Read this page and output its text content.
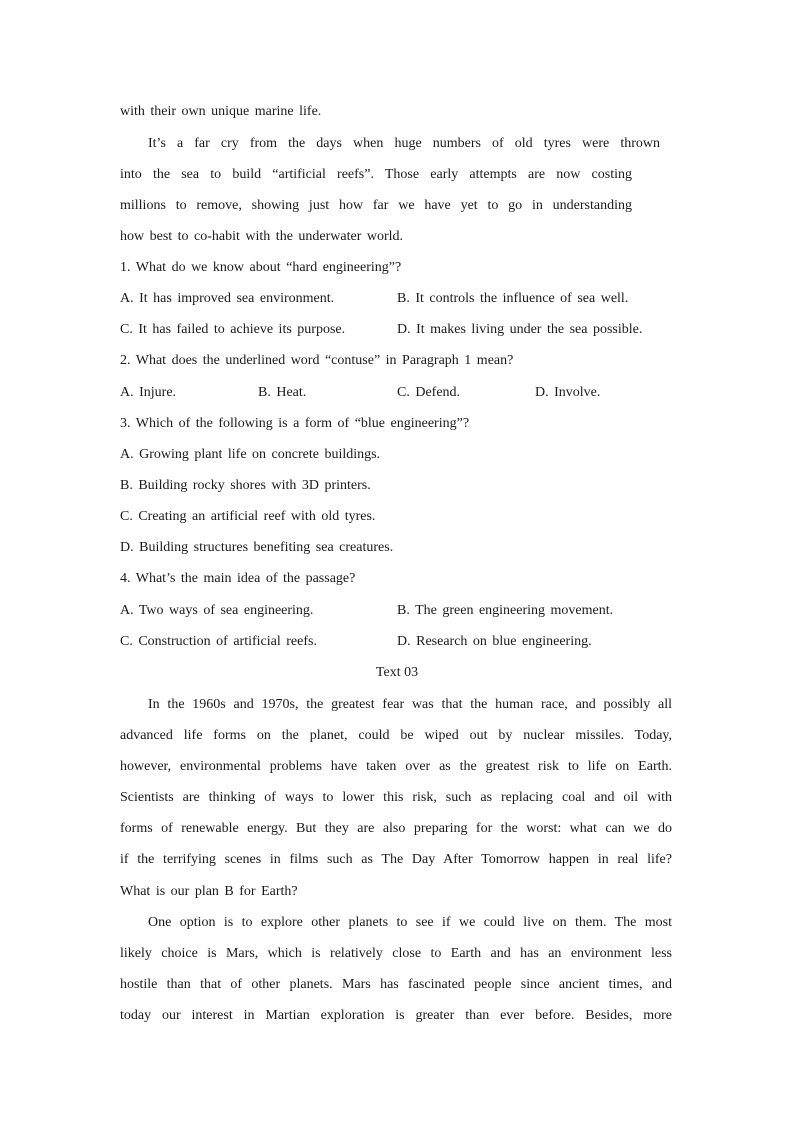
with their own unique marine life.
It’s a far cry from the days when huge numbers of old tyres were thrown
into the sea to build “artificial reefs”. Those early attempts are now costing
millions to remove, showing just how far we have yet to go in understanding
how best to co-habit with the underwater world.
1. What do we know about “hard engineering”?
A. It has improved sea environment.	B. It controls the influence of sea well.
C. It has failed to achieve its purpose.	D. It makes living under the sea possible.
2. What does the underlined word “contuse” in Paragraph 1 mean?
A. Injure.	B. Heat.	C. Defend.	D. Involve.
3. Which of the following is a form of “blue engineering”?
A. Growing plant life on concrete buildings.
B. Building rocky shores with 3D printers.
C. Creating an artificial reef with old tyres.
D. Building structures benefiting sea creatures.
4. What’s the main idea of the passage?
A. Two ways of sea engineering.	B. The green engineering movement.
C. Construction of artificial reefs.	D. Research on blue engineering.
Text 03
In the 1960s and 1970s, the greatest fear was that the human race, and possibly all
advanced life forms on the planet, could be wiped out by nuclear missiles. Today,
however, environmental problems have taken over as the greatest risk to life on Earth.
Scientists are thinking of ways to lower this risk, such as replacing coal and oil with
forms of renewable energy. But they are also preparing for the worst: what can we do
if the terrifying scenes in films such as The Day After Tomorrow happen in real life?
What is our plan B for Earth?
One option is to explore other planets to see if we could live on them. The most
likely choice is Mars, which is relatively close to Earth and has an environment less
hostile than that of other planets. Mars has fascinated people since ancient times, and
today our interest in Martian exploration is greater than ever before. Besides, more
